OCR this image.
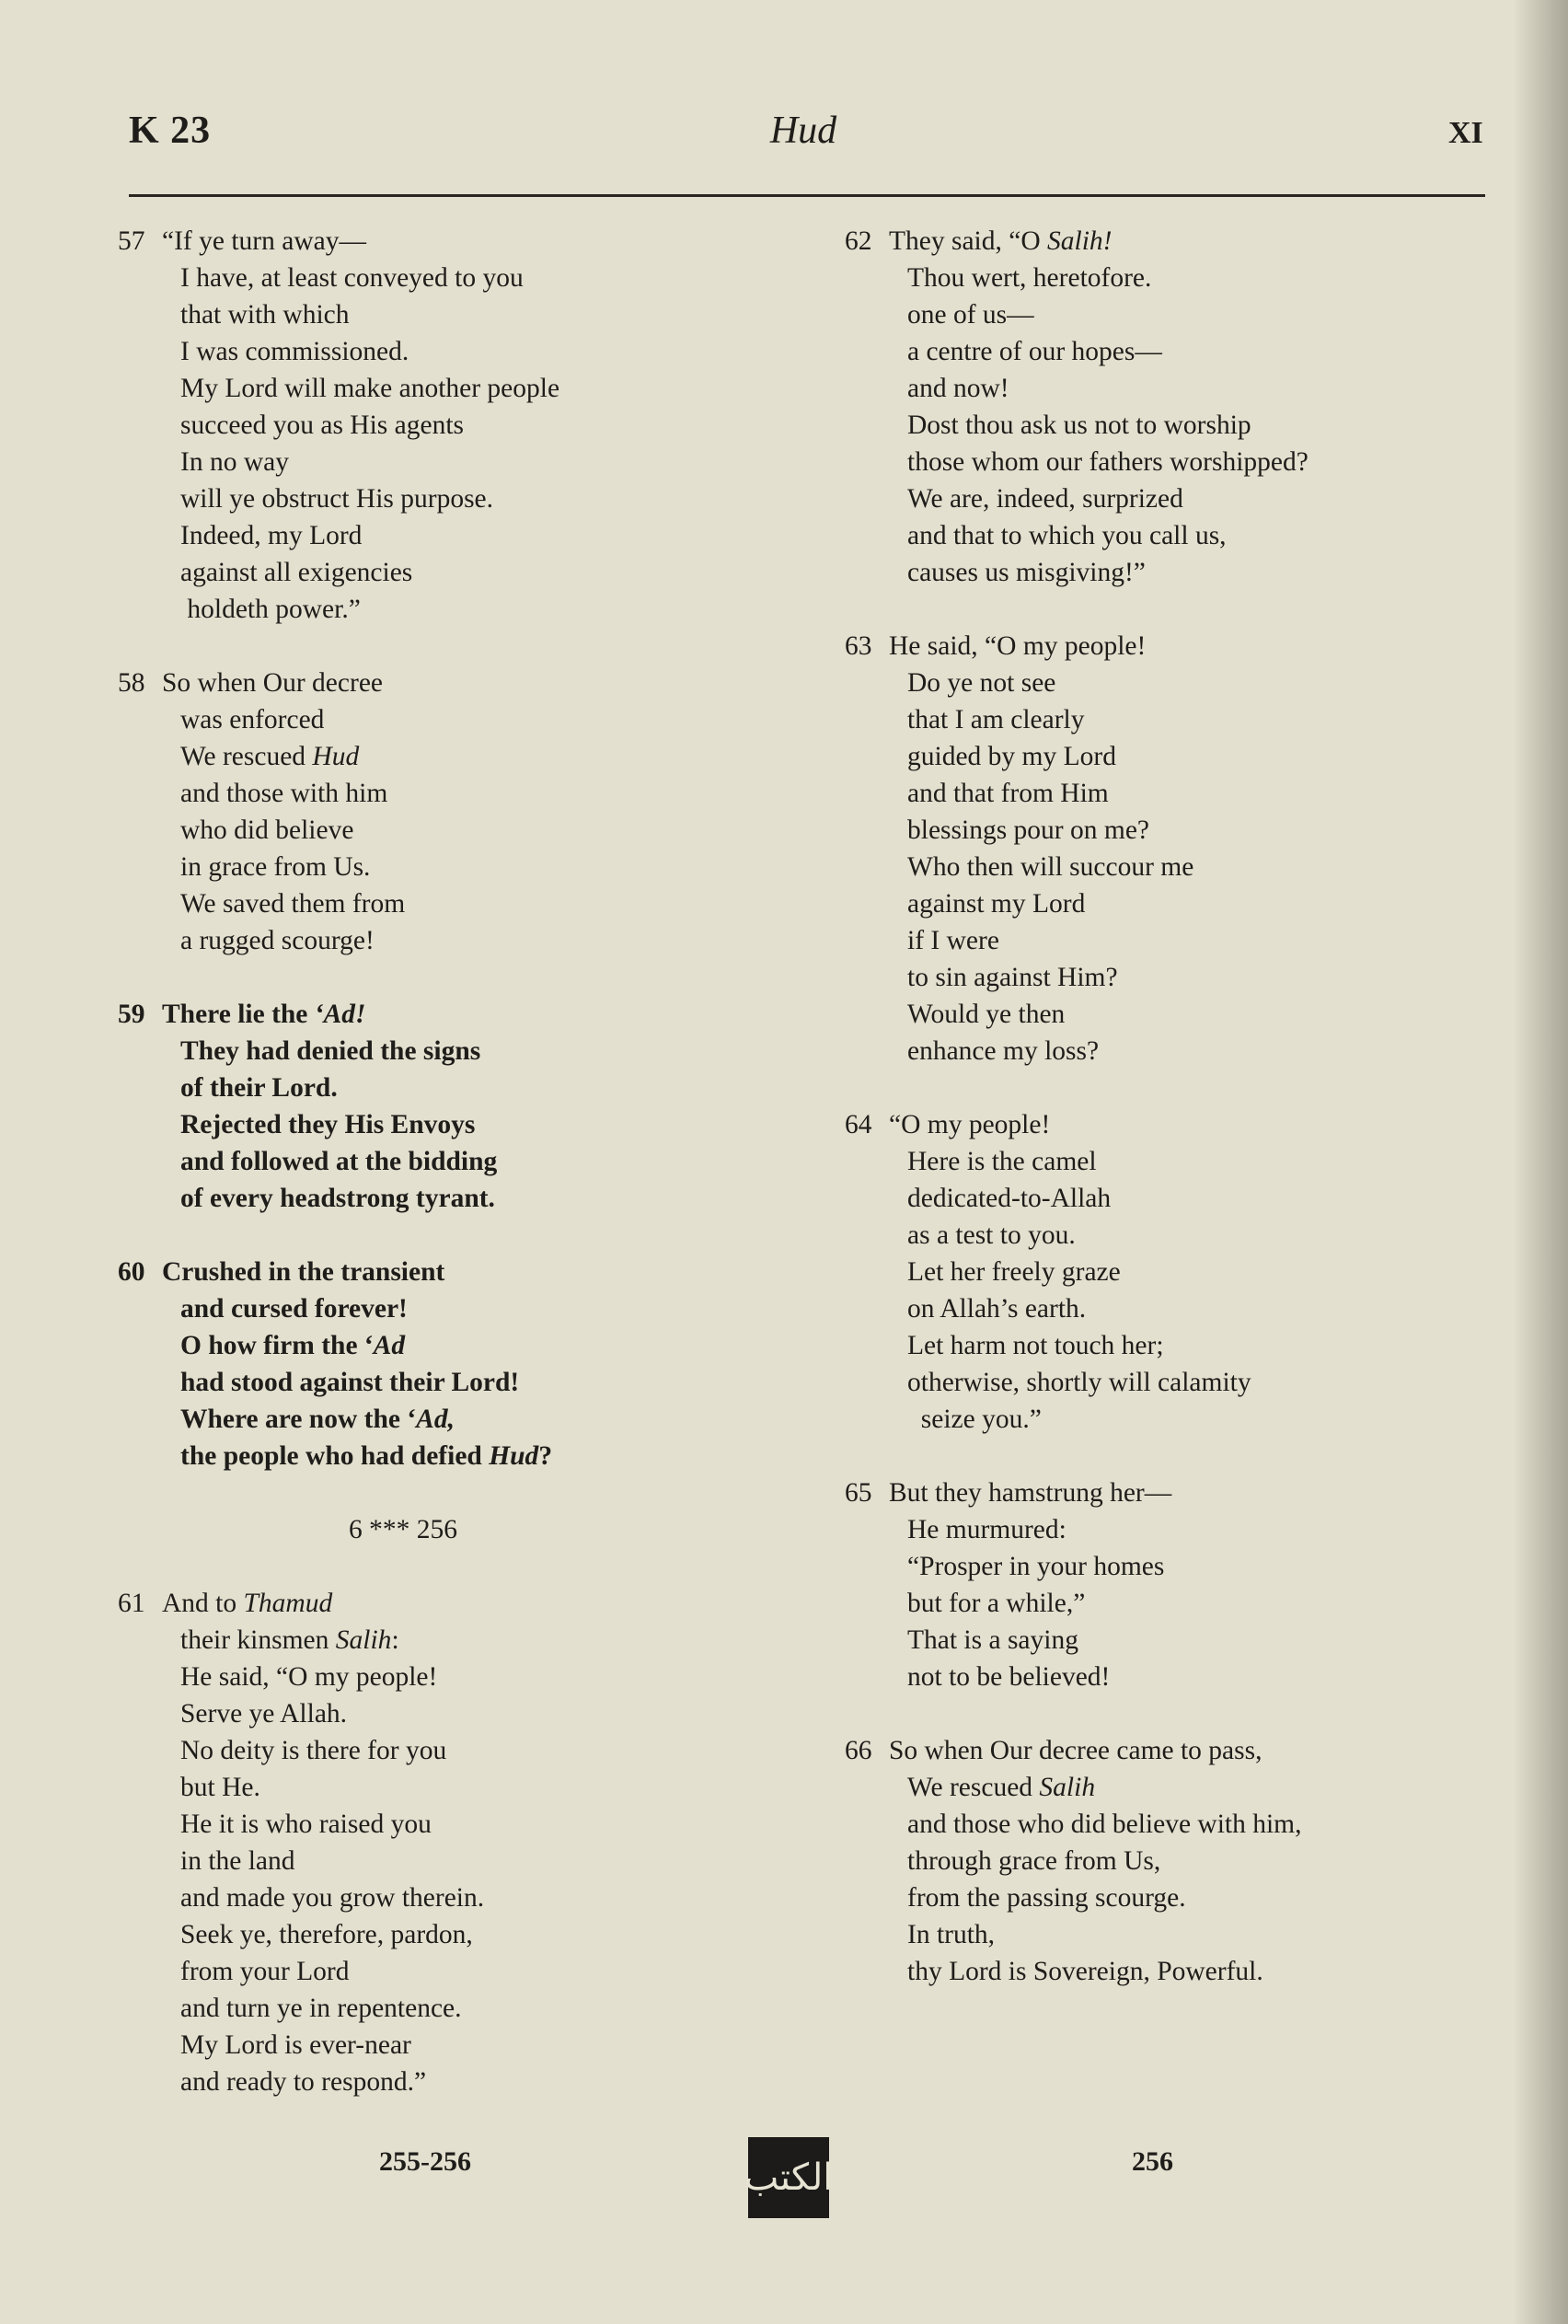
K 23	Hud	XI
57 “If ye turn away—
I have, at least conveyed to you
that with which
I was commissioned.
My Lord will make another people
succeed you as His agents
In no way
will ye obstruct His purpose.
Indeed, my Lord
against all exigencies
holdeth power.”
58 So when Our decree
was enforced
We rescued Hud
and those with him
who did believe
in grace from Us.
We saved them from
a rugged scourge!
59 There lie the ‘Ad!
They had denied the signs
of their Lord.
Rejected they His Envoys
and followed at the bidding
of every headstrong tyrant.
60 Crushed in the transient
and cursed forever!
O how firm the ‘Ad
had stood against their Lord!
Where are now the ‘Ad,
the people who had defied Hud?
6 *** 256
61 And to Thamud
their kinsmen Salih:
He said, “O my people!
Serve ye Allah.
No deity is there for you
but He.
He it is who raised you
in the land
and made you grow therein.
Seek ye, therefore, pardon,
from your Lord
and turn ye in repentence.
My Lord is ever-near
and ready to respond.”
62 They said, “O Salih!
Thou wert, heretofore.
one of us—
a centre of our hopes—
and now!
Dost thou ask us not to worship
those whom our fathers worshipped?
We are, indeed, surprized
and that to which you call us,
causes us misgiving!”
63 He said, “O my people!
Do ye not see
that I am clearly
guided by my Lord
and that from Him
blessings pour on me?
Who then will succour me
against my Lord
if I were
to sin against Him?
Would ye then
enhance my loss?
64 “O my people!
Here is the camel
dedicated-to-Allah
as a test to you.
Let her freely graze
on Allah’s earth.
Let harm not touch her;
otherwise, shortly will calamity
seize you.”
65 But they hamstrung her—
He murmured:
“Prosper in your homes
but for a while,”
That is a saying
not to be believed!
66 So when Our decree came to pass,
We rescued Salih
and those who did believe with him,
through grace from Us,
from the passing scourge.
In truth,
thy Lord is Sovereign, Powerful.
255-256	الكتب	256
